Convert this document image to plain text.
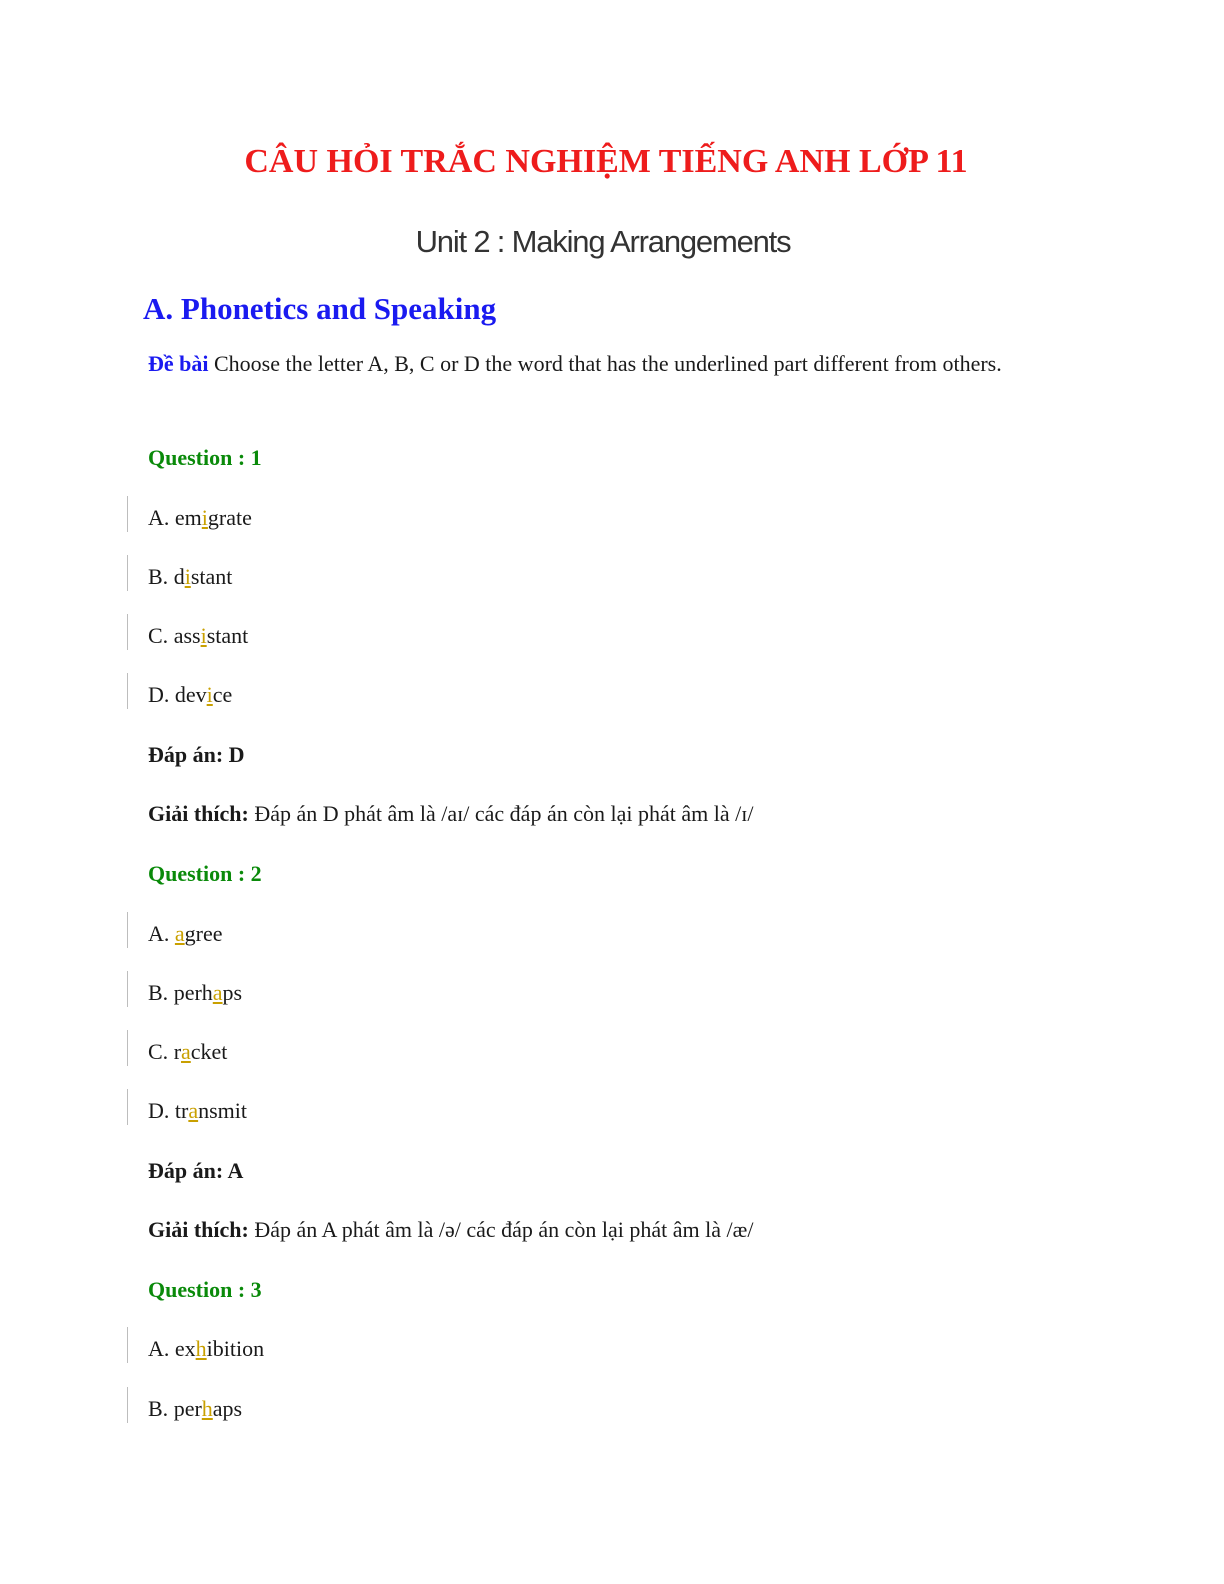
CÂU HỎI TRẮC NGHIỆM TIẾNG ANH LỚP 11
Unit 2 : Making Arrangements
A. Phonetics and Speaking

Đề bài Choose the letter A, B, C or D the word that has the underlined part different from others.

Question : 1
A. emigrate
B. distant
C. assistant
D. device
Đáp án: D
Giải thích: Đáp án D phát âm là /aɪ/ các đáp án còn lại phát âm là /ɪ/
Question : 2
A. agree
B. perhaps
C. racket
D. transmit
Đáp án: A
Giải thích: Đáp án A phát âm là /ə/ các đáp án còn lại phát âm là /æ/
Question : 3
A. exhibition
B. perhaps
